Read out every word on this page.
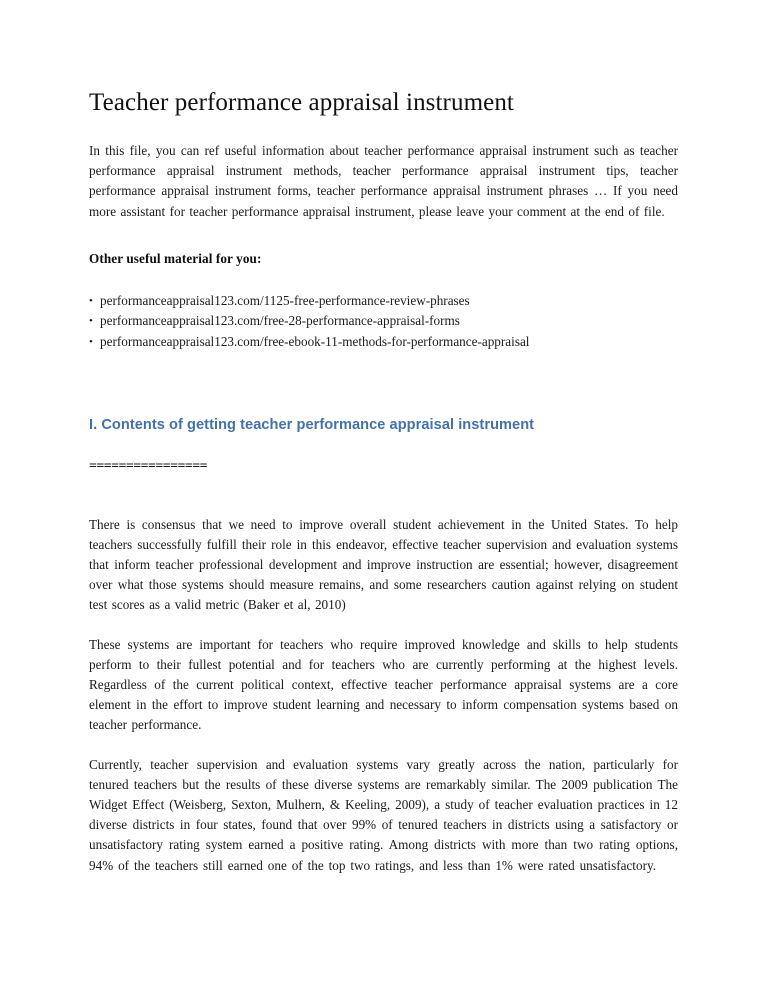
Teacher performance appraisal instrument

In this file, you can ref useful information about teacher performance appraisal instrument such as teacher performance appraisal instrument methods, teacher performance appraisal instrument tips, teacher performance appraisal instrument forms, teacher performance appraisal instrument phrases … If you need more assistant for teacher performance appraisal instrument, please leave your comment at the end of file.

Other useful material for you:

• performanceappraisal123.com/1125-free-performance-review-phrases
• performanceappraisal123.com/free-28-performance-appraisal-forms
• performanceappraisal123.com/free-ebook-11-methods-for-performance-appraisal
I. Contents of getting teacher performance appraisal instrument

================

There is consensus that we need to improve overall student achievement in the United States. To help teachers successfully fulfill their role in this endeavor, effective teacher supervision and evaluation systems that inform teacher professional development and improve instruction are essential; however, disagreement over what those systems should measure remains, and some researchers caution against relying on student test scores as a valid metric (Baker et al, 2010)

These systems are important for teachers who require improved knowledge and skills to help students perform to their fullest potential and for teachers who are currently performing at the highest levels. Regardless of the current political context, effective teacher performance appraisal systems are a core element in the effort to improve student learning and necessary to inform compensation systems based on teacher performance.

Currently, teacher supervision and evaluation systems vary greatly across the nation, particularly for tenured teachers but the results of these diverse systems are remarkably similar. The 2009 publication The Widget Effect (Weisberg, Sexton, Mulhern, & Keeling, 2009), a study of teacher evaluation practices in 12 diverse districts in four states, found that over 99% of tenured teachers in districts using a satisfactory or unsatisfactory rating system earned a positive rating. Among districts with more than two rating options, 94% of the teachers still earned one of the top two ratings, and less than 1% were rated unsatisfactory.
